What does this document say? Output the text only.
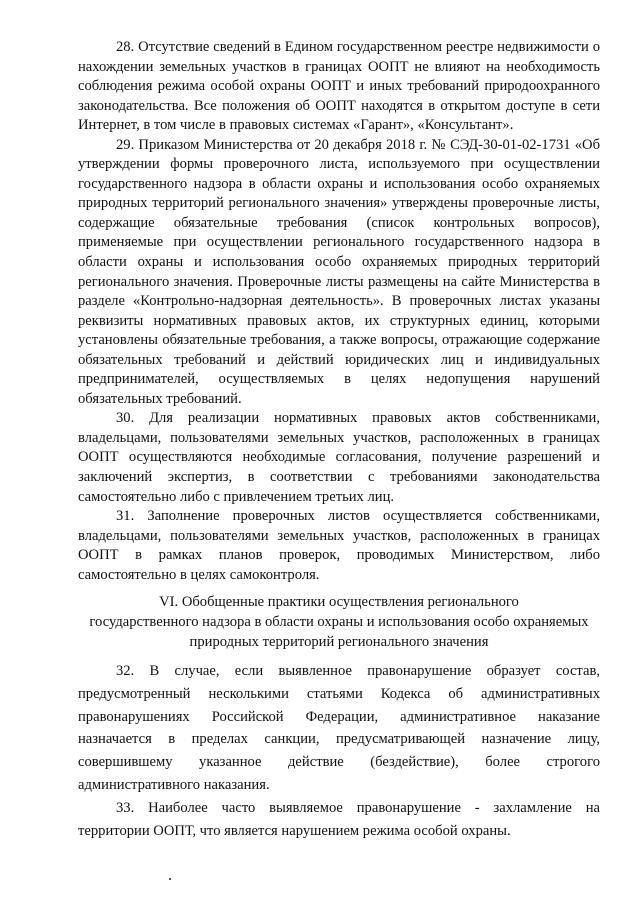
28. Отсутствие сведений в Едином государственном реестре недвижимости о нахождении земельных участков в границах ООПТ не влияют на необходимость соблюдения режима особой охраны ООПТ и иных требований природоохранного законодательства. Все положения об ООПТ находятся в открытом доступе в сети Интернет, в том числе в правовых системах «Гарант», «Консультант».

29. Приказом Министерства от 20 декабря 2018 г. № СЭД-30-01-02-1731 «Об утверждении формы проверочного листа, используемого при осуществлении государственного надзора в области охраны и использования особо охраняемых природных территорий регионального значения» утверждены проверочные листы, содержащие обязательные требования (список контрольных вопросов), применяемые при осуществлении регионального государственного надзора в области охраны и использования особо охраняемых природных территорий регионального значения. Проверочные листы размещены на сайте Министерства в разделе «Контрольно-надзорная деятельность». В проверочных листах указаны реквизиты нормативных правовых актов, их структурных единиц, которыми установлены обязательные требования, а также вопросы, отражающие содержание обязательных требований и действий юридических лиц и индивидуальных предпринимателей, осуществляемых в целях недопущения нарушений обязательных требований.

30. Для реализации нормативных правовых актов собственниками, владельцами, пользователями земельных участков, расположенных в границах ООПТ осуществляются необходимые согласования, получение разрешений и заключений экспертиз, в соответствии с требованиями законодательства самостоятельно либо с привлечением третьих лиц.

31. Заполнение проверочных листов осуществляется собственниками, владельцами, пользователями земельных участков, расположенных в границах ООПТ в рамках планов проверок, проводимых Министерством, либо самостоятельно в целях самоконтроля.

VI. Обобщенные практики осуществления регионального
государственного надзора в области охраны и использования особо охраняемых
природных территорий регионального значения

32. В случае, если выявленное правонарушение образует состав, предусмотренный несколькими статьями Кодекса об административных правонарушениях Российской Федерации, административное наказание назначается в пределах санкции, предусматривающей назначение лицу, совершившему указанное действие (бездействие), более строгого административного наказания.

33. Наиболее часто выявляемое правонарушение - захламление на территории ООПТ, что является нарушением режима особой охраны.
